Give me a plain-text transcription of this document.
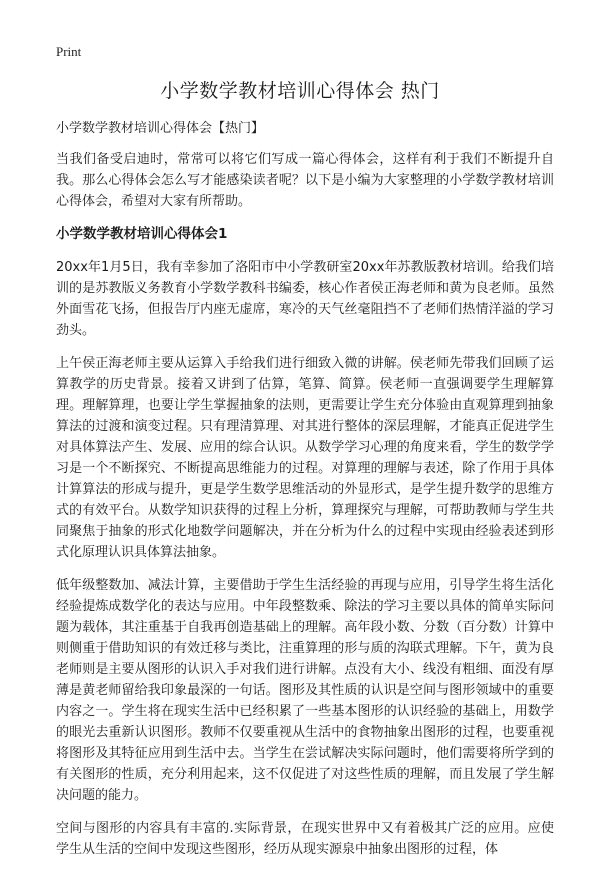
Print
小学数学教材培训心得体会 热门

小学数学教材培训心得体会【热门】

当我们备受启迪时，常常可以将它们写成一篇心得体会，这样有利于我们不断提升自我。那么心得体会怎么写才能感染读者呢？以下是小编为大家整理的小学数学教材培训心得体会，希望对大家有所帮助。

小学数学教材培训心得体会1

20xx年1月5日，我有幸参加了洛阳市中小学教研室20xx年苏教版教材培训。给我们培训的是苏教版义务教育小学数学教科书编委，核心作者侯正海老师和黄为良老师。虽然外面雪花飞扬，但报告厅内座无虚席，寒冷的天气丝毫阻挡不了老师们热情洋溢的学习劲头。

上午侯正海老师主要从运算入手给我们进行细致入微的讲解。侯老师先带我们回顾了运算教学的历史背景。接着又讲到了估算，笔算、简算。侯老师一直强调要学生理解算理。理解算理，也要让学生掌握抽象的法则，更需要让学生充分体验由直观算理到抽象算法的过渡和演变过程。只有理清算理、对其进行整体的深层理解，才能真正促进学生对具体算法产生、发展、应用的综合认识。从数学学习心理的角度来看，学生的数学学习是一个不断探究、不断提高思维能力的过程。对算理的理解与表述，除了作用于具体计算算法的形成与提升，更是学生数学思维活动的外显形式，是学生提升数学的思维方式的有效平台。从数学知识获得的过程上分析，算理探究与理解，可帮助教师与学生共同聚焦于抽象的形式化地数学问题解决，并在分析为什么的过程中实现由经验表述到形式化原理认识具体算法抽象。

低年级整数加、减法计算，主要借助于学生生活经验的再现与应用，引导学生将生活化经验提炼成数学化的表达与应用。中年段整数乘、除法的学习主要以具体的简单实际问题为载体，其注重基于自我再创造基础上的理解。高年段小数、分数（百分数）计算中则侧重于借助知识的有效迁移与类比，注重算理的形与质的沟联式理解。下午，黄为良老师则是主要从图形的认识入手对我们进行讲解。点没有大小、线没有粗细、面没有厚薄是黄老师留给我印象最深的一句话。图形及其性质的认识是空间与图形领域中的重要内容之一。学生将在现实生活中已经积累了一些基本图形的认识经验的基础上，用数学的眼光去重新认识图形。教师不仅要重视从生活中的食物抽象出图形的过程，也要重视将图形及其特征应用到生活中去。当学生在尝试解决实际问题时，他们需要将所学到的有关图形的性质，充分利用起来，这不仅促进了对这些性质的理解，而且发展了学生解决问题的能力。

空间与图形的内容具有丰富的.实际背景，在现实世界中又有着极其广泛的应用。应使学生从生活的空间中发现这些图形，经历从现实源泉中抽象出图形的过程，体
